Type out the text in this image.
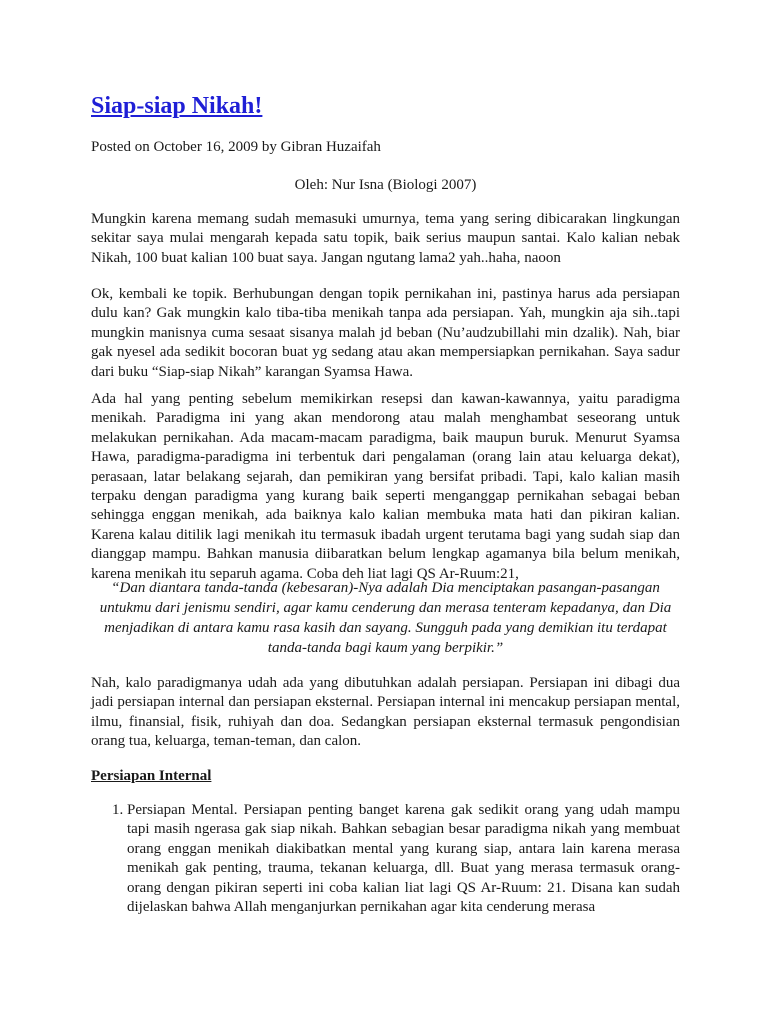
Siap-siap Nikah!
Posted on October 16, 2009 by Gibran Huzaifah
Oleh: Nur Isna (Biologi 2007)

Mungkin karena memang sudah memasuki umurnya, tema yang sering dibicarakan lingkungan sekitar saya mulai mengarah kepada satu topik, baik serius maupun santai. Kalo kalian nebak Nikah, 100 buat kalian 100 buat saya. Jangan ngutang lama2 yah..haha, naoon

Ok, kembali ke topik. Berhubungan dengan topik pernikahan ini, pastinya harus ada persiapan dulu kan? Gak mungkin kalo tiba-tiba menikah tanpa ada persiapan. Yah, mungkin aja sih..tapi mungkin manisnya cuma sesaat sisanya malah jd beban (Nu’audzubillahi min dzalik). Nah, biar gak nyesel ada sedikit bocoran buat yg sedang atau akan mempersiapkan pernikahan. Saya sadur dari buku “Siap-siap Nikah” karangan Syamsa Hawa.

Ada hal yang penting sebelum memikirkan resepsi dan kawan-kawannya, yaitu paradigma menikah. Paradigma ini yang akan mendorong atau malah menghambat seseorang untuk melakukan pernikahan. Ada macam-macam paradigma, baik maupun buruk. Menurut Syamsa Hawa, paradigma-paradigma ini terbentuk dari pengalaman (orang lain atau keluarga dekat), perasaan, latar belakang sejarah, dan pemikiran yang bersifat pribadi. Tapi, kalo kalian masih terpaku dengan paradigma yang kurang baik seperti menganggap pernikahan sebagai beban sehingga enggan menikah, ada baiknya kalo kalian membuka mata hati dan pikiran kalian. Karena kalau ditilik lagi menikah itu termasuk ibadah urgent terutama bagi yang sudah siap dan dianggap mampu. Bahkan manusia diibaratkan belum lengkap agamanya bila belum menikah, karena menikah itu separuh agama. Coba deh liat lagi QS Ar-Ruum:21,

“Dan diantara tanda-tanda (kebesaran)-Nya adalah Dia menciptakan pasangan-pasangan untukmu dari jenismu sendiri, agar kamu cenderung dan merasa tenteram kepadanya, dan Dia menjadikan di antara kamu rasa kasih dan sayang. Sungguh pada yang demikian itu terdapat tanda-tanda bagi kaum yang berpikir.”

Nah, kalo paradigmanya udah ada yang dibutuhkan adalah persiapan. Persiapan ini dibagi dua jadi persiapan internal dan persiapan eksternal. Persiapan internal ini mencakup persiapan mental, ilmu, finansial, fisik, ruhiyah dan doa. Sedangkan persiapan eksternal termasuk pengondisian orang tua, keluarga, teman-teman, dan calon.

Persiapan Internal
1. Persiapan Mental. Persiapan penting banget karena gak sedikit orang yang udah mampu tapi masih ngerasa gak siap nikah. Bahkan sebagian besar paradigma nikah yang membuat orang enggan menikah diakibatkan mental yang kurang siap, antara lain karena merasa menikah gak penting, trauma, tekanan keluarga, dll. Buat yang merasa termasuk orang-orang dengan pikiran seperti ini coba kalian liat lagi QS Ar-Ruum: 21. Disana kan sudah dijelaskan bahwa Allah menganjurkan pernikahan agar kita cenderung merasa
